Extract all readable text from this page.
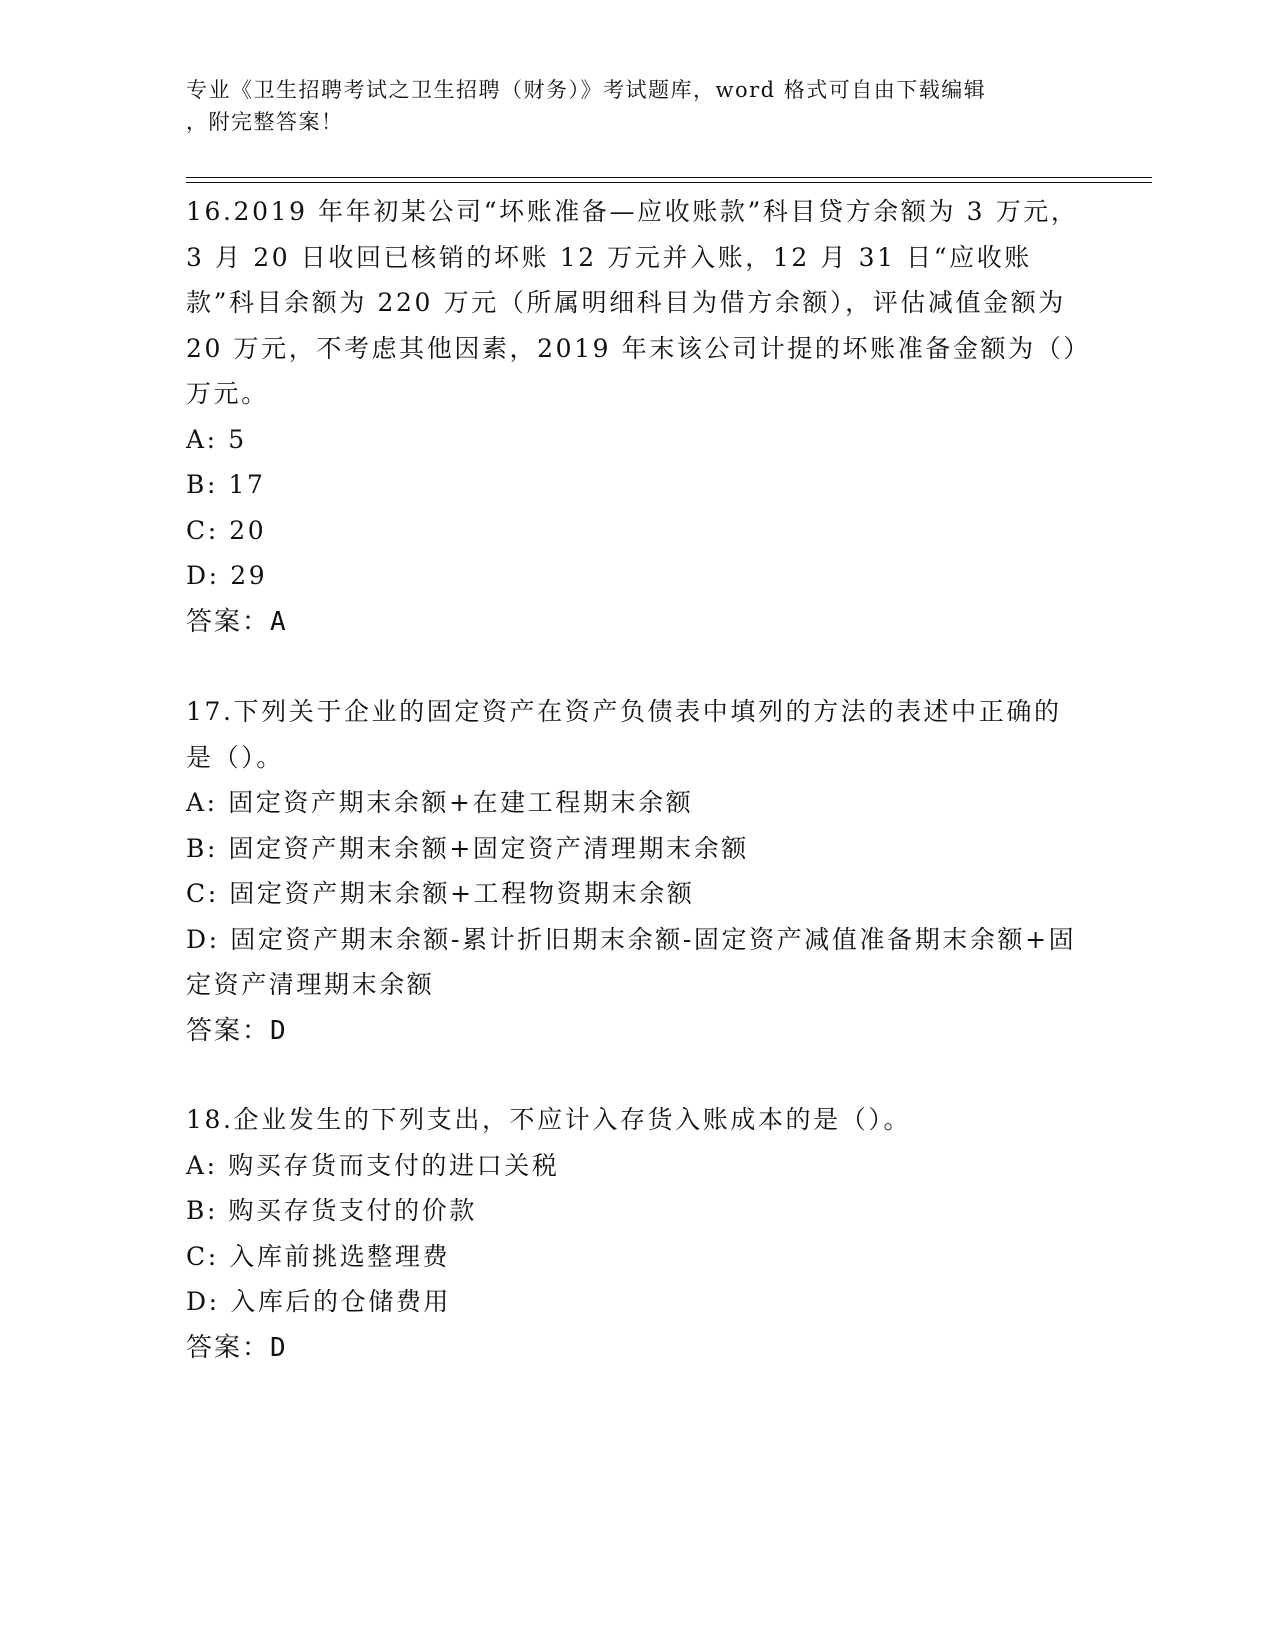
专业《卫生招聘考试之卫生招聘（财务）》考试题库，word 格式可自由下载编辑
，附完整答案！

16.2019 年年初某公司“坏账准备—应收账款”科目贷方余额为 3 万元，3 月 20 日收回已核销的坏账 12 万元并入账，12 月 31 日“应收账款”科目余额为 220 万元（所属明细科目为借方余额），评估减值金额为 20 万元，不考虑其他因素，2019 年末该公司计提的坏账准备金额为（）万元。

A: 5

B: 17

C: 20

D: 29

答案：A

17.下列关于企业的固定资产在资产负债表中填列的方法的表述中正确的是（）。

A: 固定资产期末余额+在建工程期末余额

B: 固定资产期末余额+固定资产清理期末余额

C: 固定资产期末余额+工程物资期末余额

D: 固定资产期末余额-累计折旧期末余额-固定资产减值准备期末余额+固定资产清理期末余额

答案：D

18.企业发生的下列支出，不应计入存货入账成本的是（）。

A: 购买存货而支付的进口关税

B: 购买存货支付的价款

C: 入库前挑选整理费

D: 入库后的仓储费用

答案：D
